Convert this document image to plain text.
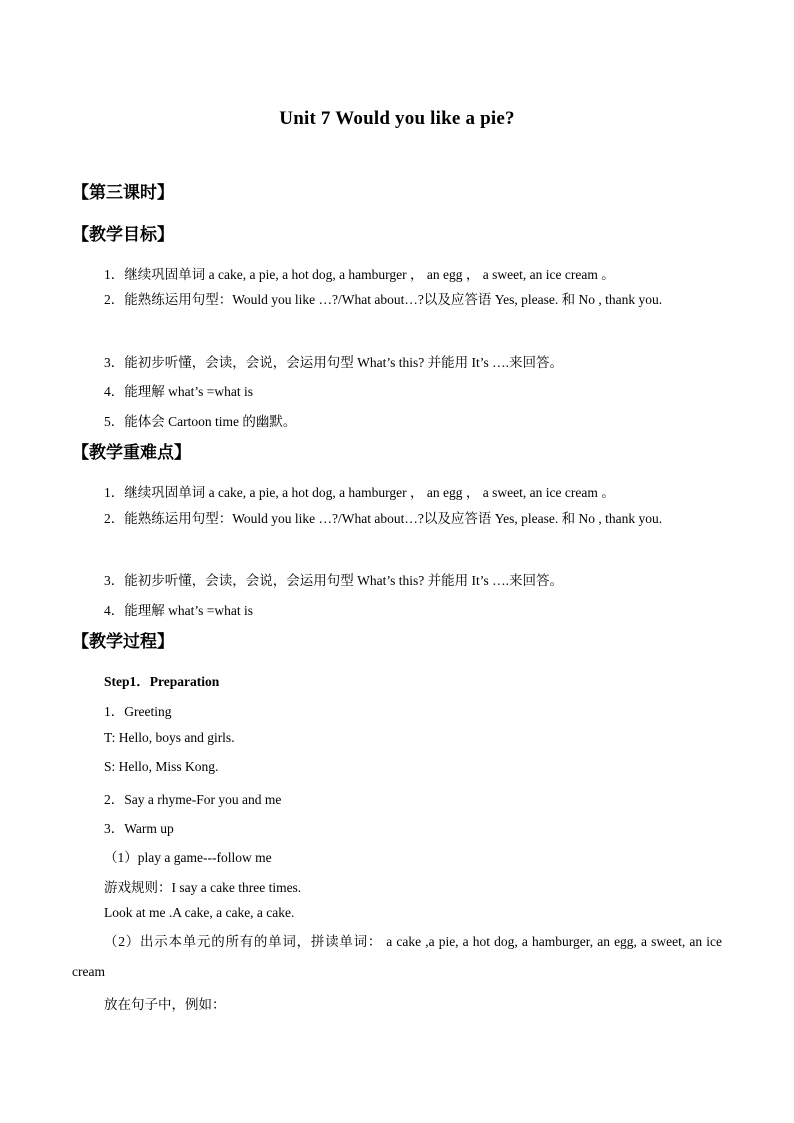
Unit 7 Would you like a pie?
【第三课时】
【教学目标】
1．继续巩固单词 a cake, a pie, a hot dog, a hamburger ， an egg ， a sweet, an ice cream 。
2．能熟练运用句型：Would you like …?/What about…?以及应答语 Yes, please. 和 No , thank you.
3．能初步听懂，会读，会说，会运用句型 What’s this? 并能用 It’s ….来回答。
4．能理解 what’s =what is
5．能体会 Cartoon time 的幽默。
【教学重难点】
1．继续巩固单词 a cake, a pie, a hot dog, a hamburger ， an egg ， a sweet, an ice cream 。
2．能熟练运用句型：Would you like …?/What about…?以及应答语 Yes, please. 和 No , thank you.
3．能初步听懂，会读，会说，会运用句型 What’s this? 并能用 It’s ….来回答。
4．能理解 what’s =what is
【教学过程】
Step1．Preparation
1．Greeting
T: Hello, boys and girls.
S: Hello, Miss Kong.
2．Say a rhyme-For you and me
3．Warm up
（1）play a game---follow me
游戏规则：I say a cake three times.
Look at me .A cake, a cake, a cake.
（2）出示本单元的所有的单词，拼读单词： a cake ,a pie, a hot dog, a hamburger, an egg, a sweet, an ice cream
放在句子中，例如：
